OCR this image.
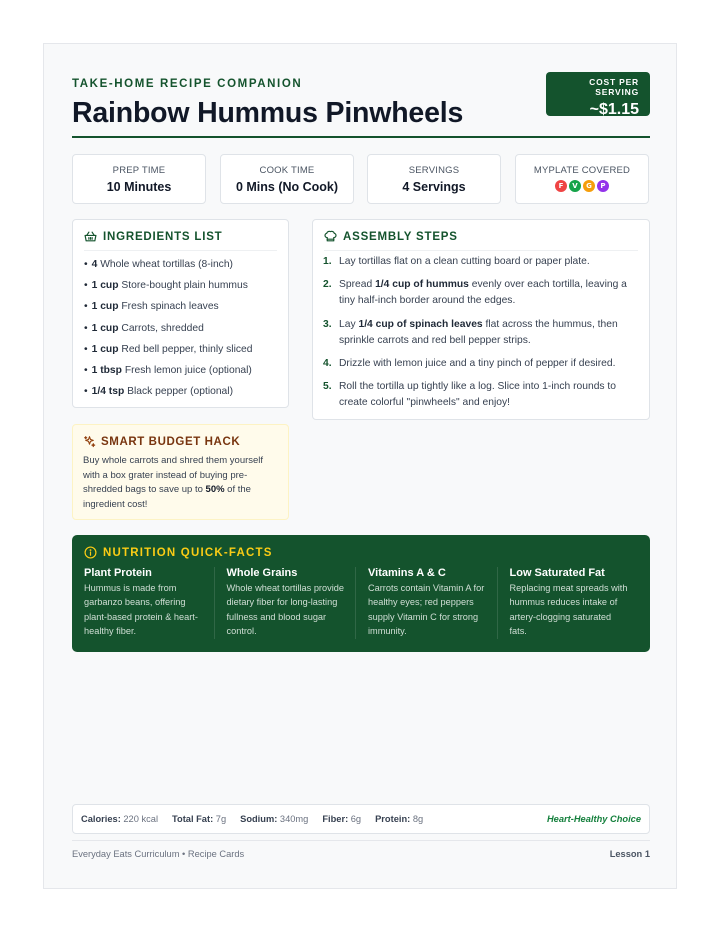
TAKE-HOME RECIPE COMPANION
Rainbow Hummus Pinwheels
COST PER SERVING
~$1.15
PREP TIME
10 Minutes
COOK TIME
0 Mins (No Cook)
SERVINGS
4 Servings
MYPLATE COVERED
F	V	G	P
INGREDIENTS LIST
• 4 Whole wheat tortillas (8-inch)
• 1 cup Store-bought plain hummus
• 1 cup Fresh spinach leaves
• 1 cup Carrots, shredded
• 1 cup Red bell pepper, thinly sliced
• 1 tbsp Fresh lemon juice (optional)
• 1/4 tsp Black pepper (optional)
ASSEMBLY STEPS
1. Lay tortillas flat on a clean cutting board or paper plate.
2. Spread 1/4 cup of hummus evenly over each tortilla, leaving a tiny half-inch border around the edges.
3. Lay 1/4 cup of spinach leaves flat across the hummus, then sprinkle carrots and red bell pepper strips.
4. Drizzle with lemon juice and a tiny pinch of pepper if desired.
5. Roll the tortilla up tightly like a log. Slice into 1-inch rounds to create colorful "pinwheels" and enjoy!
SMART BUDGET HACK
Buy whole carrots and shred them yourself with a box grater instead of buying pre-shredded bags to save up to 50% of the ingredient cost!
NUTRITION QUICK-FACTS
Plant Protein

Hummus is made from garbanzo beans, offering plant-based protein & heart-healthy fiber.

Whole Grains

Whole wheat tortillas provide dietary fiber for long-lasting fullness and blood sugar control.

Vitamins A & C

Carrots contain Vitamin A for healthy eyes; red peppers supply Vitamin C for strong immunity.

Low Saturated Fat

Replacing meat spreads with hummus reduces intake of artery-clogging saturated fats.

Calories: 220 kcal Total Fat: 7g Sodium: 340mg Fiber: 6g Protein: 8g	Heart-Healthy Choice
Everyday Eats Curriculum • Recipe Cards	Lesson 1
